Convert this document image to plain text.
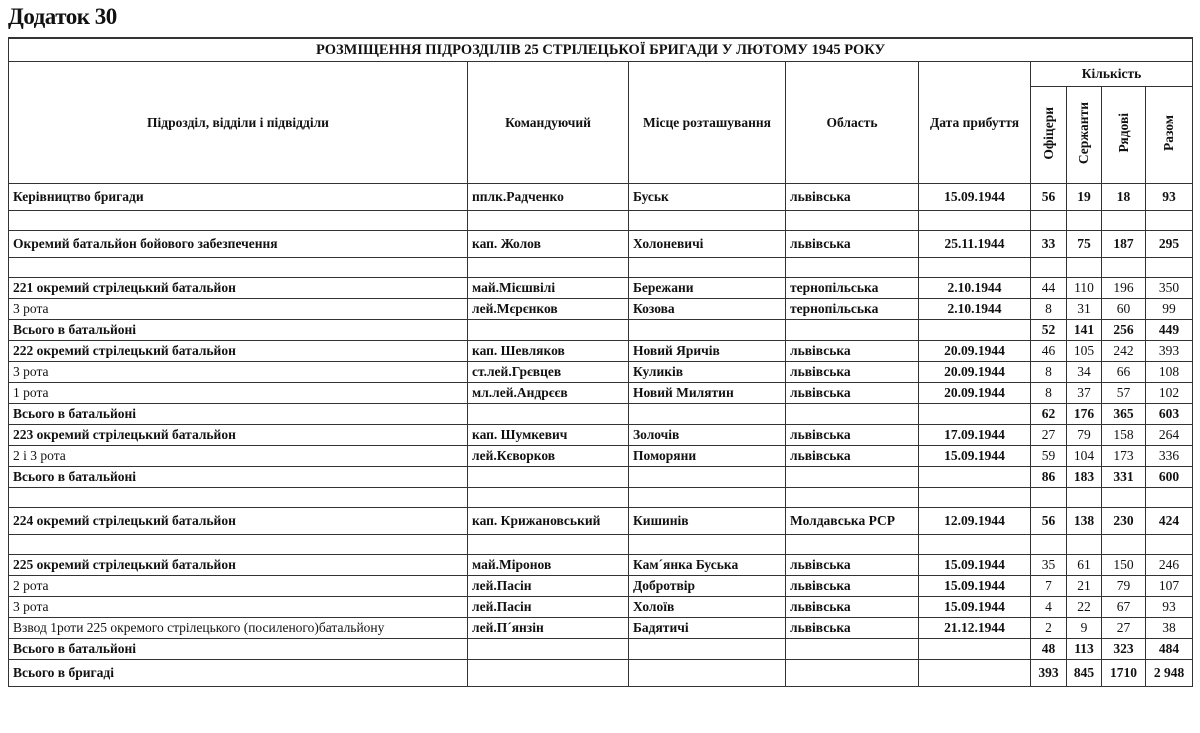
Додаток 30
РОЗМІЩЕННЯ ПІДРОЗДІЛІВ 25 СТРІЛЕЦЬКОЇ БРИГАДИ У ЛЮТОМУ 1945 РОКУ								
Підрозділ, відділи і підвідділи	Командуючий	Місце розташування	Область	Дата прибуття	Кількість			
					Офіцери	Сержанти	Рядові	Разом
Керівництво бригади	пплк.Радченко	Буськ	львівська	15.09.1944	56	19	18	93

Окремий батальйон бойового забезпечення	кап. Жолов	Холоневичі	львівська	25.11.1944	33	75	187	295

221 окремий стрілецький батальйон	май.Мієшвілі	Бережани	тернопільська	2.10.1944	44	110	196	350
3 рота	лей.Мєрєнков	Козова	тернопільська	2.10.1944	8	31	60	99
Всього в батальйоні					52	141	256	449
222 окремий стрілецький батальйон	кап. Шевляков	Новий Яричів	львівська	20.09.1944	46	105	242	393
3 рота	ст.лей.Грєвцев	Куликів	львівська	20.09.1944	8	34	66	108
1 рота	мл.лей.Андрєєв	Новий Милятин	львівська	20.09.1944	8	37	57	102
Всього в батальйоні					62	176	365	603
223 окремий стрілецький батальйон	кап. Шумкевич	Золочів	львівська	17.09.1944	27	79	158	264
2 і 3 рота	лей.Кєворков	Поморяни	львівська	15.09.1944	59	104	173	336
Всього в батальйоні					86	183	331	600

224 окремий стрілецький батальйон	кап. Крижановський	Кишинів	Молдавська РСР	12.09.1944	56	138	230	424

225 окремий стрілецький батальйон	май.Міронов	Кам´янка Буська	львівська	15.09.1944	35	61	150	246
2 рота	лей.Пасін	Добротвір	львівська	15.09.1944	7	21	79	107
3 рота	лей.Пасін	Холоїв	львівська	15.09.1944	4	22	67	93
Взвод 1роти 225 окремого стрілецького (посиленого)батальйону	лей.П´янзін	Бадятичі	львівська	21.12.1944	2	9	27	38
Всього в батальйоні					48	113	323	484
Всього в бригаді					393	845	1710	2 948
